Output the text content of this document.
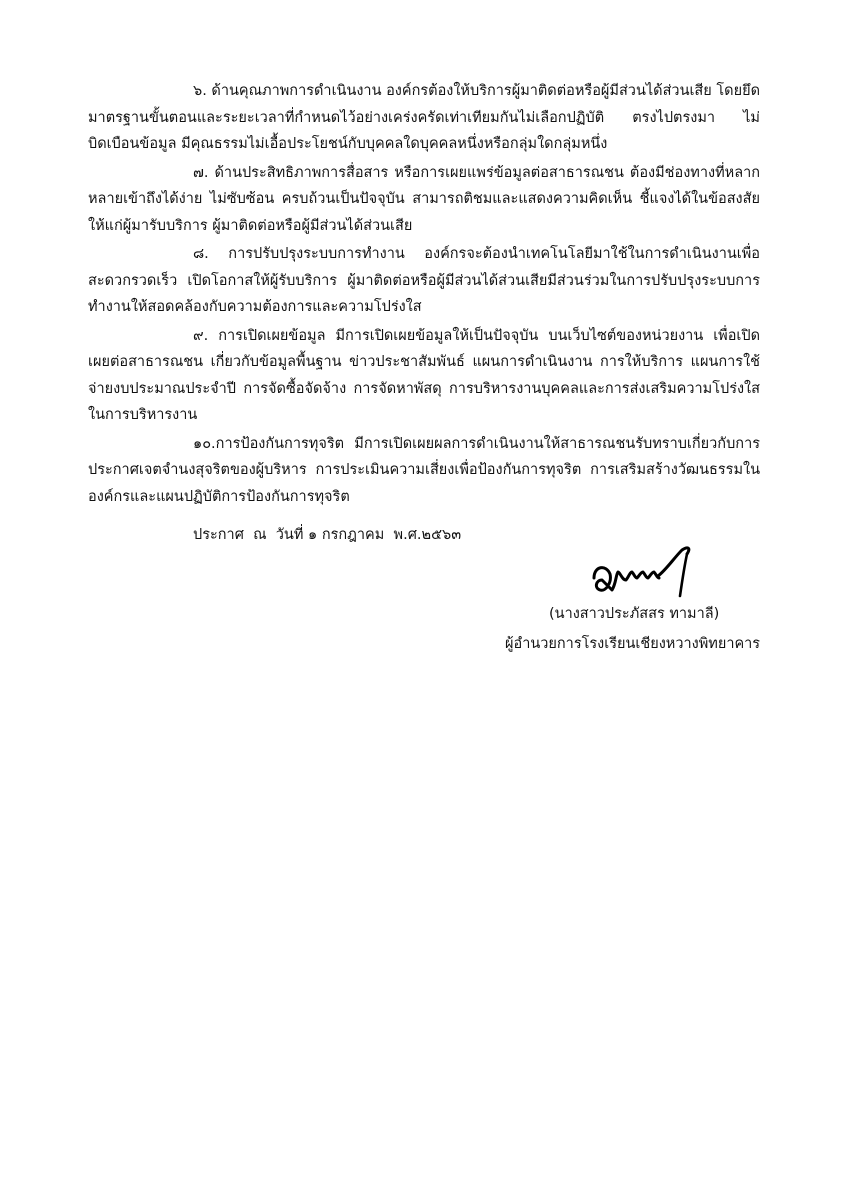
๖. ด้านคุณภาพการดำเนินงาน องค์กรต้องให้บริการผู้มาติดต่อหรือผู้มีส่วนได้ส่วนเสีย โดยยึดมาตรฐานขั้นตอนและระยะเวลาที่กำหนดไว้อย่างเคร่งครัดเท่าเทียมกันไม่เลือกปฏิบัติ ตรงไปตรงมา ไม่บิดเบือนข้อมูล มีคุณธรรมไม่เอื้อประโยชน์กับบุคคลใดบุคคลหนึ่งหรือกลุ่มใดกลุ่มหนึ่ง

๗. ด้านประสิทธิภาพการสื่อสาร หรือการเผยแพร่ข้อมูลต่อสาธารณชน ต้องมีช่องทางที่หลากหลายเข้าถึงได้ง่าย ไม่ซับซ้อน ครบถ้วนเป็นปัจจุบัน สามารถติชมและแสดงความคิดเห็น ชี้แจงได้ในข้อสงสัยให้แก่ผู้มารับบริการ ผู้มาติดต่อหรือผู้มีส่วนได้ส่วนเสีย

๘. การปรับปรุงระบบการทำงาน องค์กรจะต้องนำเทคโนโลยีมาใช้ในการดำเนินงานเพื่อสะดวกรวดเร็ว เปิดโอกาสให้ผู้รับบริการ ผู้มาติดต่อหรือผู้มีส่วนได้ส่วนเสียมีส่วนร่วมในการปรับปรุงระบบการทำงานให้สอดคล้องกับความต้องการและความโปร่งใส

๙. การเปิดเผยข้อมูล มีการเปิดเผยข้อมูลให้เป็นปัจจุบัน บนเว็บไซต์ของหน่วยงาน เพื่อเปิดเผยต่อสาธารณชน เกี่ยวกับข้อมูลพื้นฐาน ข่าวประชาสัมพันธ์ แผนการดำเนินงาน การให้บริการ แผนการใช้จ่ายงบประมาณประจำปี การจัดซื้อจัดจ้าง การจัดหาพัสดุ การบริหารงานบุคคลและการส่งเสริมความโปร่งใสในการบริหารงาน

๑๐.การป้องกันการทุจริต มีการเปิดเผยผลการดำเนินงานให้สาธารณชนรับทราบเกี่ยวกับการประกาศเจตจำนงสุจริตของผู้บริหาร การประเมินความเสี่ยงเพื่อป้องกันการทุจริต การเสริมสร้างวัฒนธรรมในองค์กรและแผนปฏิบัติการป้องกันการทุจริต

ประกาศ  ณ  วันที่ ๑ กรกฎาคม  พ.ศ.๒๕๖๓
(นางสาวประภัสสร ทามาลี)
ผู้อำนวยการโรงเรียนเชียงหวางพิทยาคาร
